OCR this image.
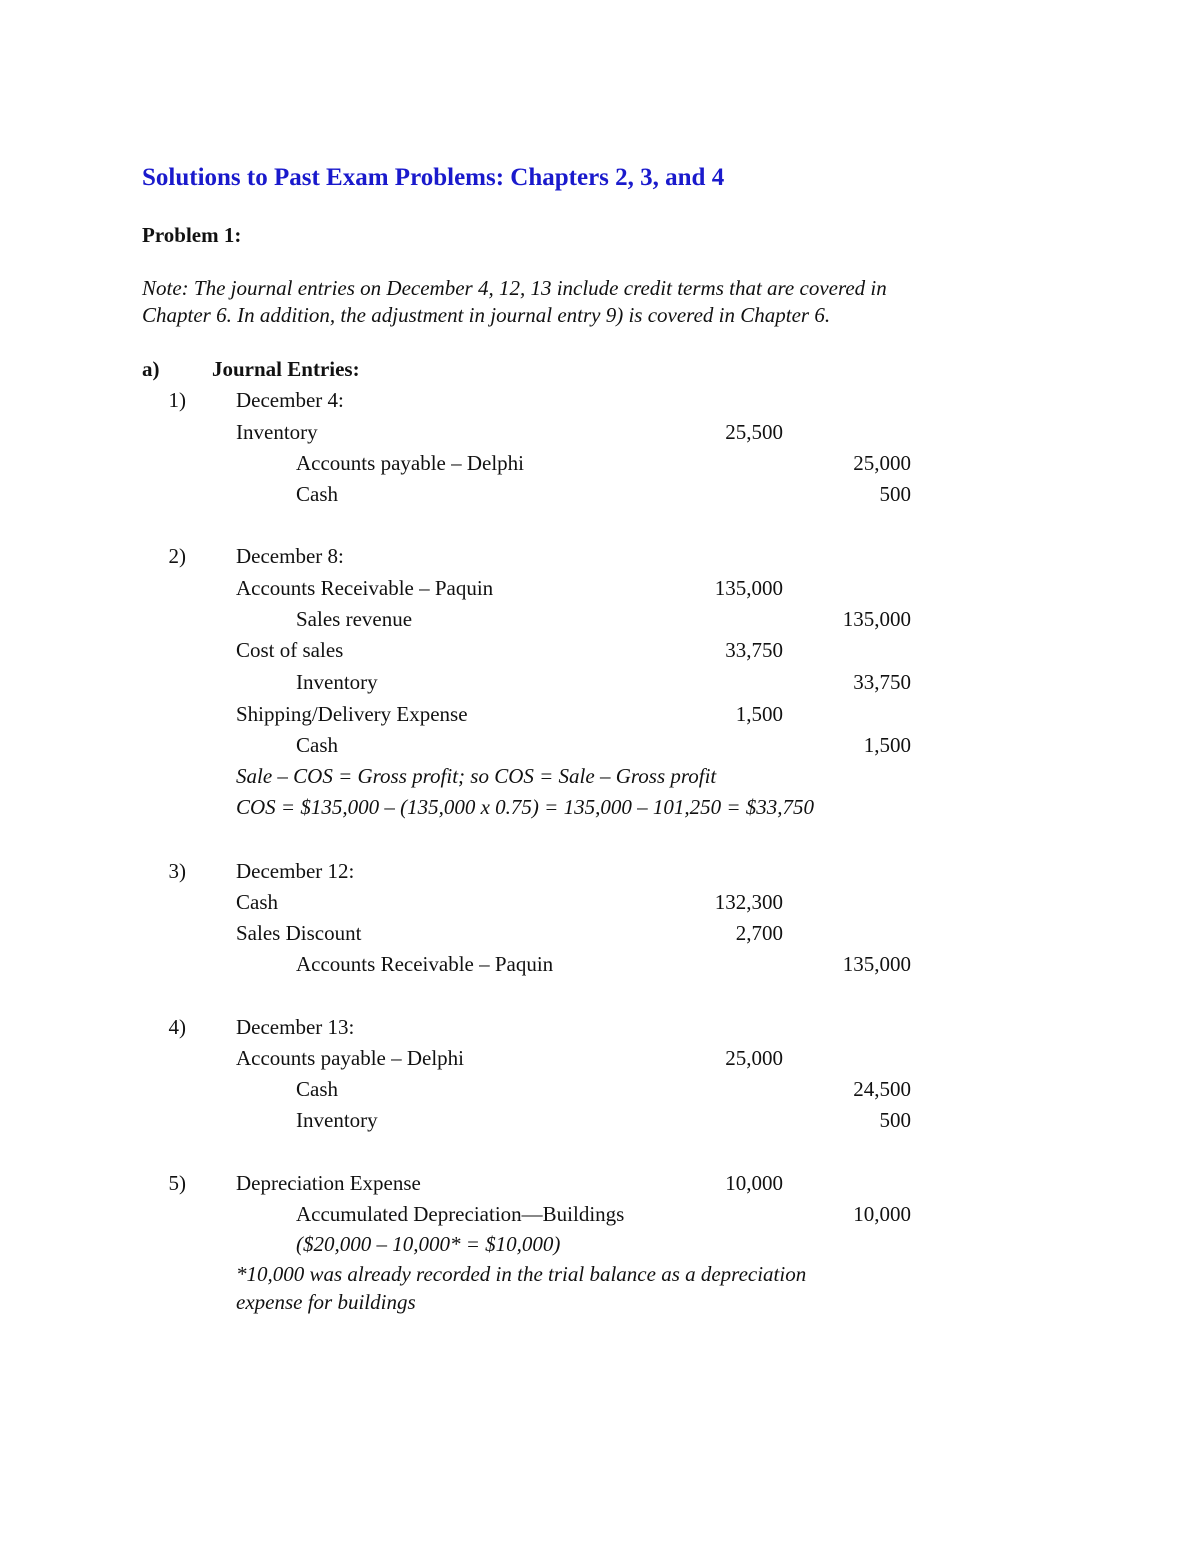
Solutions to Past Exam Problems: Chapters 2, 3, and 4
Problem 1:
Note: The journal entries on December 4, 12, 13 include credit terms that are covered in
Chapter 6. In addition, the adjustment in journal entry 9) is covered in Chapter 6.
a)	Journal Entries:
1) December 4:
Inventory	25,500
Accounts payable – Delphi	25,000
Cash	500
2) December 8:
Accounts Receivable – Paquin	135,000
Sales revenue	135,000
Cost of sales	33,750
Inventory	33,750
Shipping/Delivery Expense	1,500
Cash	1,500
Sale – COS = Gross profit; so COS = Sale – Gross profit
COS = $135,000 – (135,000 x 0.75) = 135,000 – 101,250 = $33,750
3) December 12:
Cash	132,300
Sales Discount	2,700
Accounts Receivable – Paquin	135,000
4) December 13:
Accounts payable – Delphi	25,000
Cash	24,500
Inventory	500
5) Depreciation Expense	10,000
Accumulated Depreciation—Buildings	10,000
($20,000 – 10,000* = $10,000)
*10,000 was already recorded in the trial balance as a depreciation
expense for buildings
